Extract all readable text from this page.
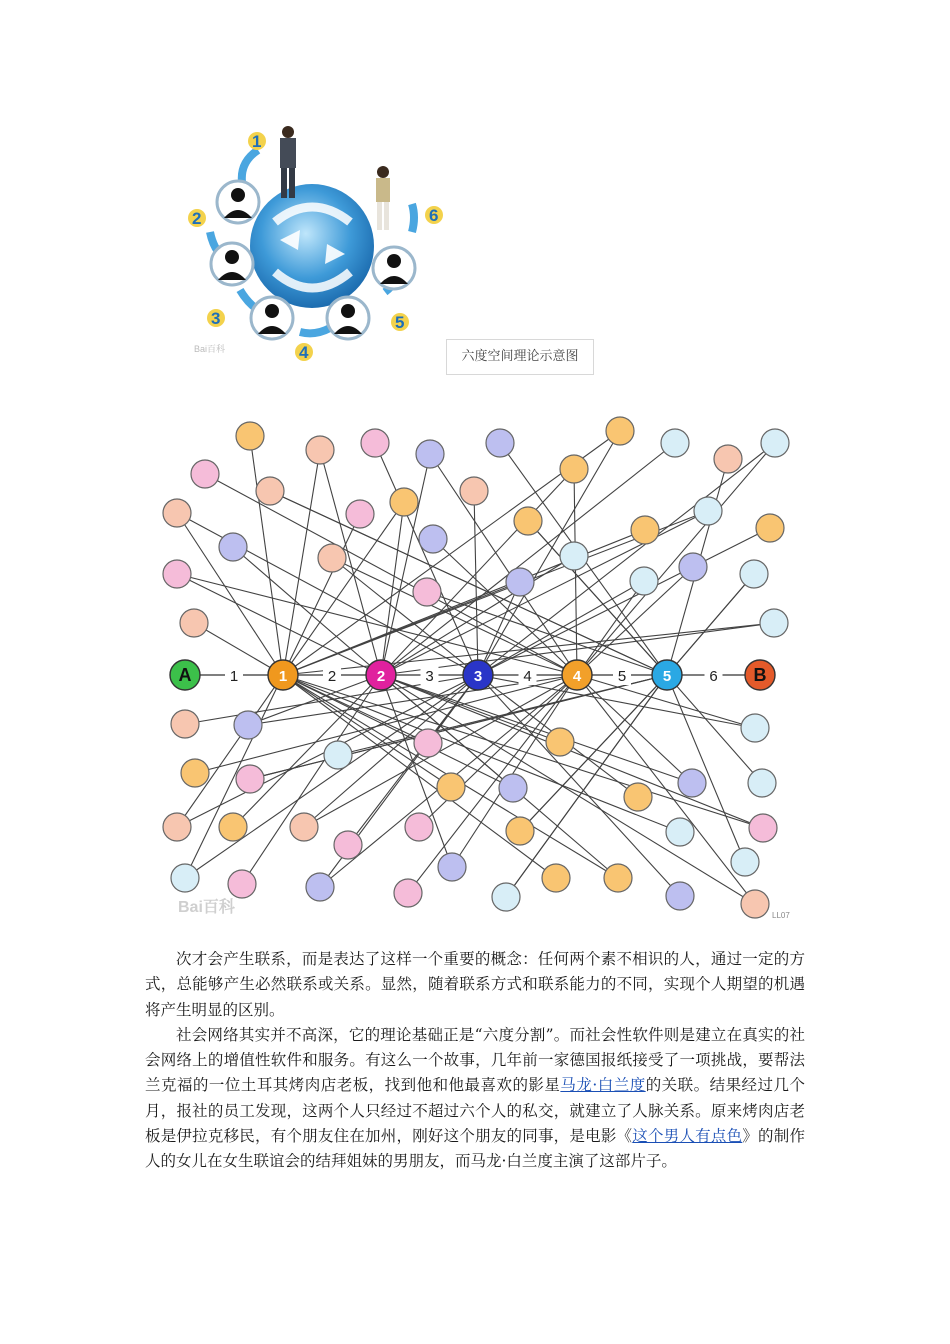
1
2
3
4
5
6
Bai百科	六度空间理论示意图
1	2	3	4	5	6
A	1	2	3	4	5	B
Bai百科	LL07

次才会产生联系，而是表达了这样一个重要的概念：任何两个素不相识的人，通过一定的方式，总能够产生必然联系或关系。显然，随着联系方式和联系能力的不同，实现个人期望的机遇将产生明显的区别。

社会网络其实并不高深，它的理论基础正是“六度分割”。而社会性软件则是建立在真实的社会网络上的增值性软件和服务。有这么一个故事，几年前一家德国报纸接受了一项挑战，要帮法兰克福的一位土耳其烤肉店老板，找到他和他最喜欢的影星马龙·白兰度的关联。结果经过几个月，报社的员工发现，这两个人只经过不超过六个人的私交，就建立了人脉关系。原来烤肉店老板是伊拉克移民，有个朋友住在加州，刚好这个朋友的同事，是电影《这个男人有点色》的制作人的女儿在女生联谊会的结拜姐妹的男朋友，而马龙·白兰度主演了这部片子。
